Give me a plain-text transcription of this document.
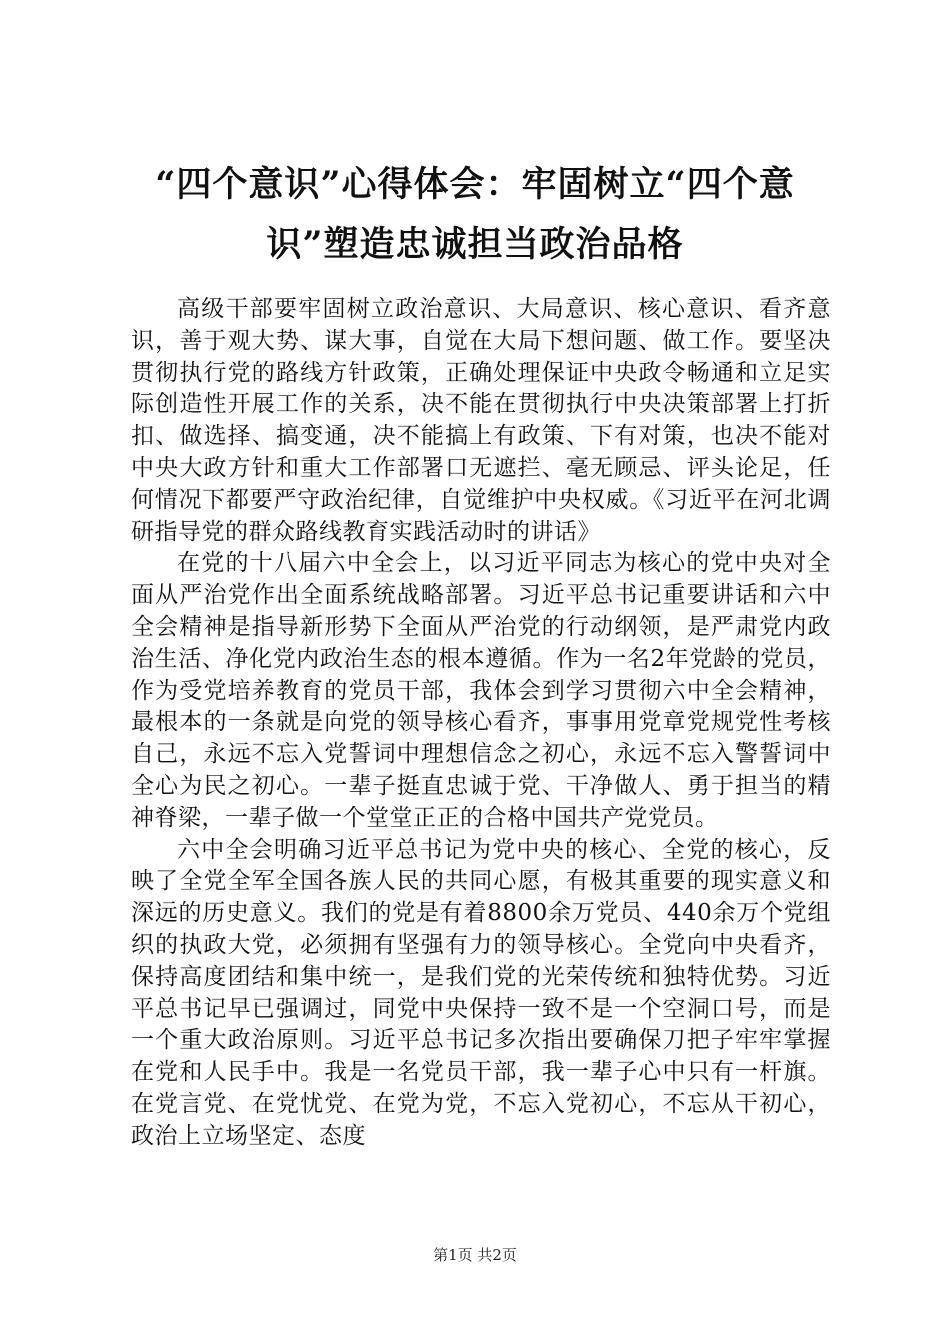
“四个意识”心得体会：牢固树立“四个意
识”塑造忠诚担当政治品格

高级干部要牢固树立政治意识、大局意识、核心意识、看齐意识，善于观大势、谋大事，自觉在大局下想问题、做工作。要坚决贯彻执行党的路线方针政策，正确处理保证中央政令畅通和立足实际创造性开展工作的关系，决不能在贯彻执行中央决策部署上打折扣、做选择、搞变通，决不能搞上有政策、下有对策，也决不能对中央大政方针和重大工作部署口无遮拦、毫无顾忌、评头论足，任何情况下都要严守政治纪律，自觉维护中央权威。《习近平在河北调研指导党的群众路线教育实践活动时的讲话》

在党的十八届六中全会上，以习近平同志为核心的党中央对全面从严治党作出全面系统战略部署。习近平总书记重要讲话和六中全会精神是指导新形势下全面从严治党的行动纲领，是严肃党内政治生活、净化党内政治生态的根本遵循。作为一名2年党龄的党员，作为受党培养教育的党员干部，我体会到学习贯彻六中全会精神，最根本的一条就是向党的领导核心看齐，事事用党章党规党性考核自己，永远不忘入党誓词中理想信念之初心，永远不忘入警誓词中全心为民之初心。一辈子挺直忠诚于党、干净做人、勇于担当的精神脊梁，一辈子做一个堂堂正正的合格中国共产党党员。

六中全会明确习近平总书记为党中央的核心、全党的核心，反映了全党全军全国各族人民的共同心愿，有极其重要的现实意义和深远的历史意义。我们的党是有着8800余万党员、440余万个党组织的执政大党，必须拥有坚强有力的领导核心。全党向中央看齐，保持高度团结和集中统一，是我们党的光荣传统和独特优势。习近平总书记早已强调过，同党中央保持一致不是一个空洞口号，而是一个重大政治原则。习近平总书记多次指出要确保刀把子牢牢掌握在党和人民手中。我是一名党员干部，我一辈子心中只有一杆旗。在党言党、在党忧党、在党为党，不忘入党初心，不忘从干初心，政治上立场坚定、态度

第1页 共2页
